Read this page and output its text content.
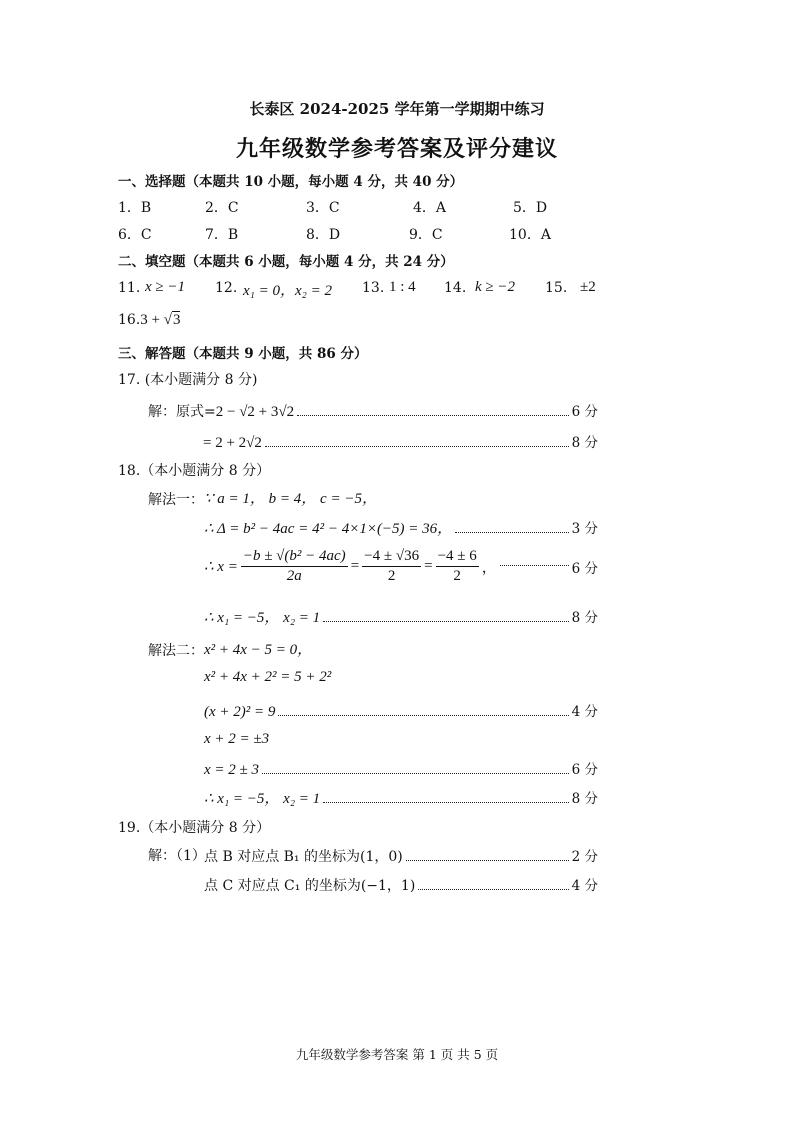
长泰区 2024-2025 学年第一学期期中练习
九年级数学参考答案及评分建议
一、选择题（本题共 10 小题，每小题 4 分，共 40 分）
1．B	2．C	3．C	4．A	5．D
6．C	7．B	8．D	9．C	10．A
二、填空题（本题共 6 小题，每小题 4 分，共 24 分）
11. x ≥ −1 12. x₁ = 0，x₂ = 2 13. 1 : 4 14. k ≥ −2 15. ±2
16.3 + √3
三、解答题（本题共 9 小题，共 86 分）
17. (本小题满分 8 分)
解：原式= 2 − √2 + 3√2	6 分
= 2 + 2√2	8 分
18.（本小题满分 8 分）
解法一： ∵ a = 1， b = 4， c = −5，
∴ Δ = b² − 4ac = 4² − 4×1×(−5) = 36，	3 分
∴ $x = \frac{\text{−b ± √(b² − 4ac)}}{2a} = \frac{-4 \pm √36}{2} = \frac{-4 \pm 6}{2}$ ，	6 分
∴ x₁ = −5， x₂ = 1	8 分
解法二： x² + 4x − 5 = 0，
x² + 4x + 2² = 5 + 2²
(x + 2)² = 9	4 分
x + 2 = ±3
x = 2 ± 3	6 分
∴ x₁ = −5， x₂ = 1	8 分
19.（本小题满分 8 分）
解：（1）
点 B 对应点 B₁ 的坐标为(1，0)	2 分
点 C 对应点 C₁ 的坐标为(−1，1)	4 分
九年级数学参考答案 第 1 页 共 5 页
